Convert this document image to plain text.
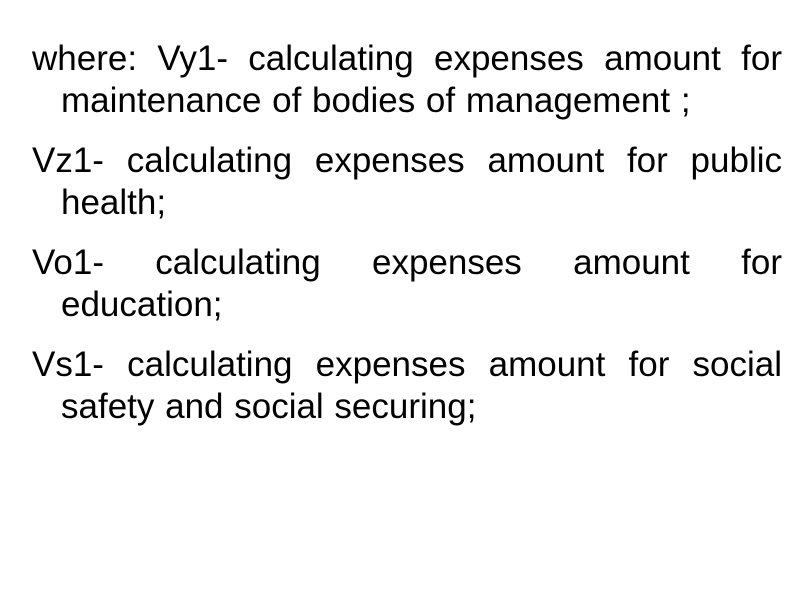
where: Vy1- calculating expenses amount for maintenance of bodies of management ;

Vz1- calculating expenses amount for public health;

Vo1- calculating expenses amount for education;

Vs1- calculating expenses amount for social safety and social securing;
